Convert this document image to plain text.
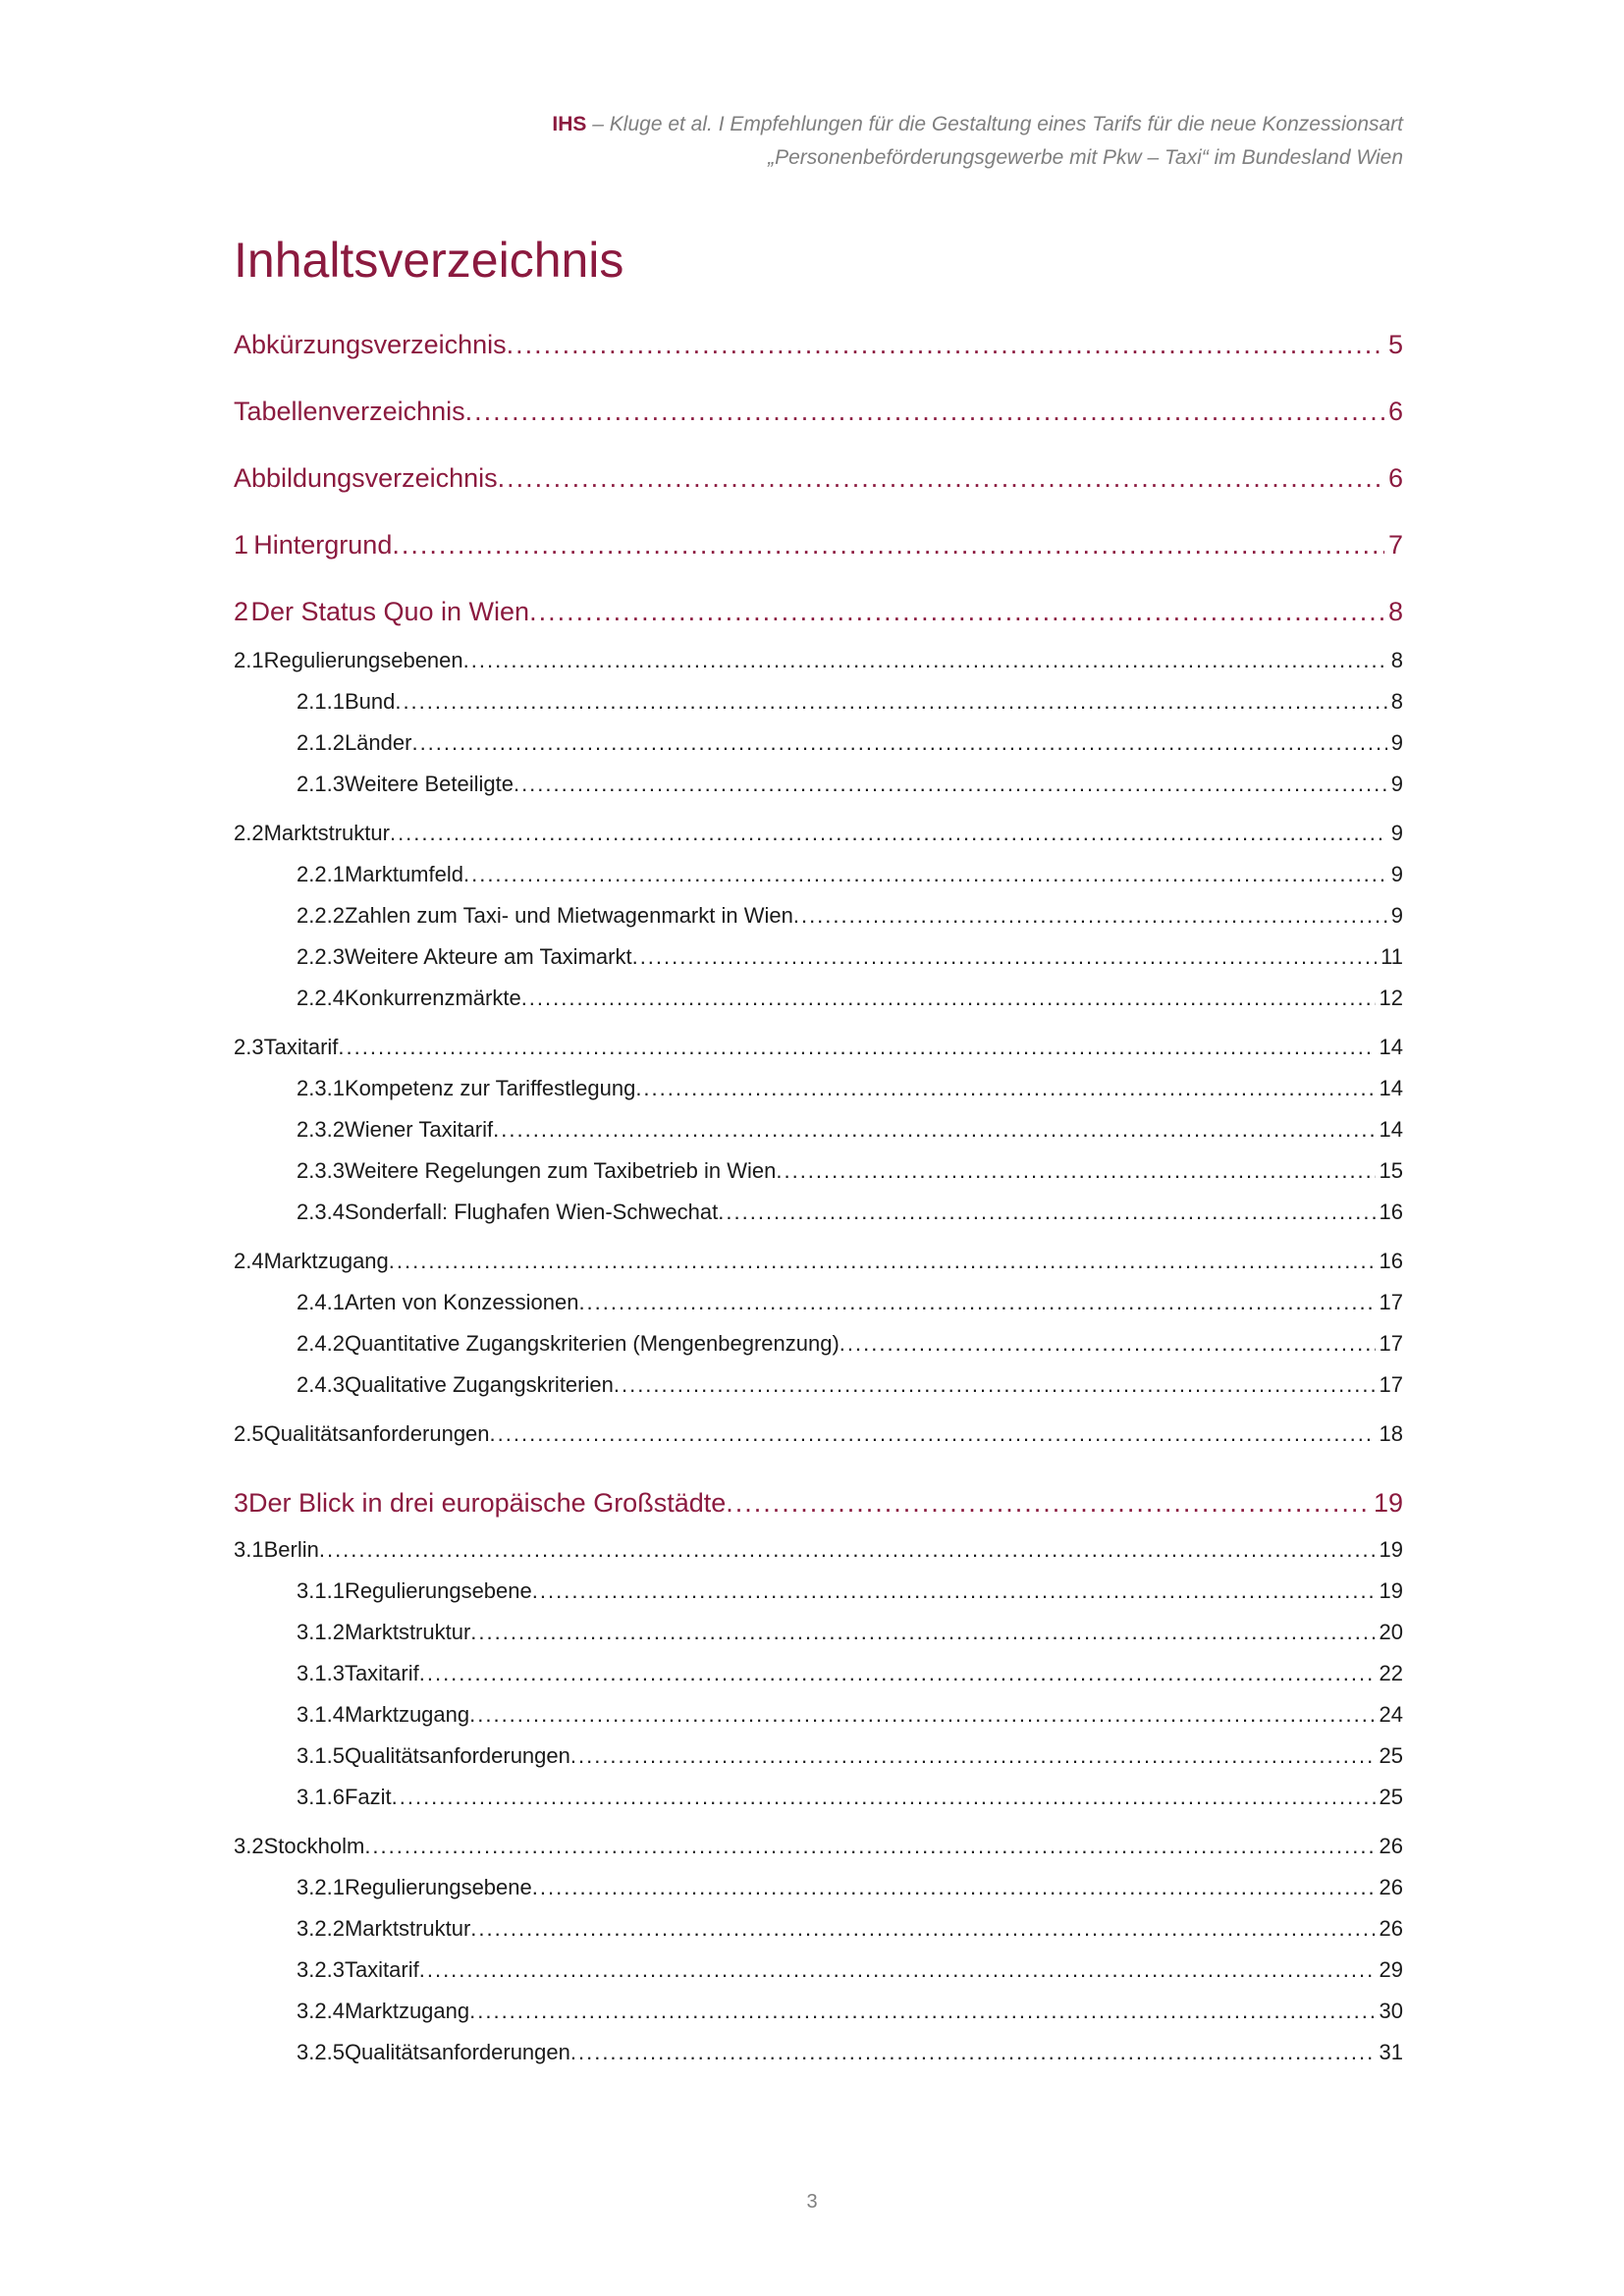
IHS – Kluge et al. I Empfehlungen für die Gestaltung eines Tarifs für die neue Konzessionsart
„Personenbeförderungsgewerbe mit Pkw – Taxi“ im Bundesland Wien
Inhaltsverzeichnis
Abkürzungsverzeichnis .....	5
Tabellenverzeichnis .....	6
Abbildungsverzeichnis .....	6
1 Hintergrund .....	7
2 Der Status Quo in Wien .....	8
2.1 Regulierungsebenen .....	8
2.1.1 Bund .....	8
2.1.2 Länder .....	9
2.1.3 Weitere Beteiligte .....	9
2.2 Marktstruktur .....	9
2.2.1 Marktumfeld .....	9
2.2.2 Zahlen zum Taxi- und Mietwagenmarkt in Wien .....	9
2.2.3 Weitere Akteure am Taximarkt .....	11
2.2.4 Konkurrenzmärkte .....	12
2.3 Taxitarif .....	14
2.3.1 Kompetenz zur Tariffestlegung .....	14
2.3.2 Wiener Taxitarif .....	14
2.3.3 Weitere Regelungen zum Taxibetrieb in Wien .....	15
2.3.4 Sonderfall: Flughafen Wien-Schwechat .....	16
2.4 Marktzugang .....	16
2.4.1 Arten von Konzessionen .....	17
2.4.2 Quantitative Zugangskriterien (Mengenbegrenzung) .....	17
2.4.3 Qualitative Zugangskriterien .....	17
2.5 Qualitätsanforderungen .....	18
3 Der Blick in drei europäische Großstädte .....	19
3.1 Berlin .....	19
3.1.1 Regulierungsebene .....	19
3.1.2 Marktstruktur .....	20
3.1.3 Taxitarif .....	22
3.1.4 Marktzugang .....	24
3.1.5 Qualitätsanforderungen .....	25
3.1.6 Fazit .....	25
3.2 Stockholm .....	26
3.2.1 Regulierungsebene .....	26
3.2.2 Marktstruktur .....	26
3.2.3 Taxitarif .....	29
3.2.4 Marktzugang .....	30
3.2.5 Qualitätsanforderungen .....	31
3
